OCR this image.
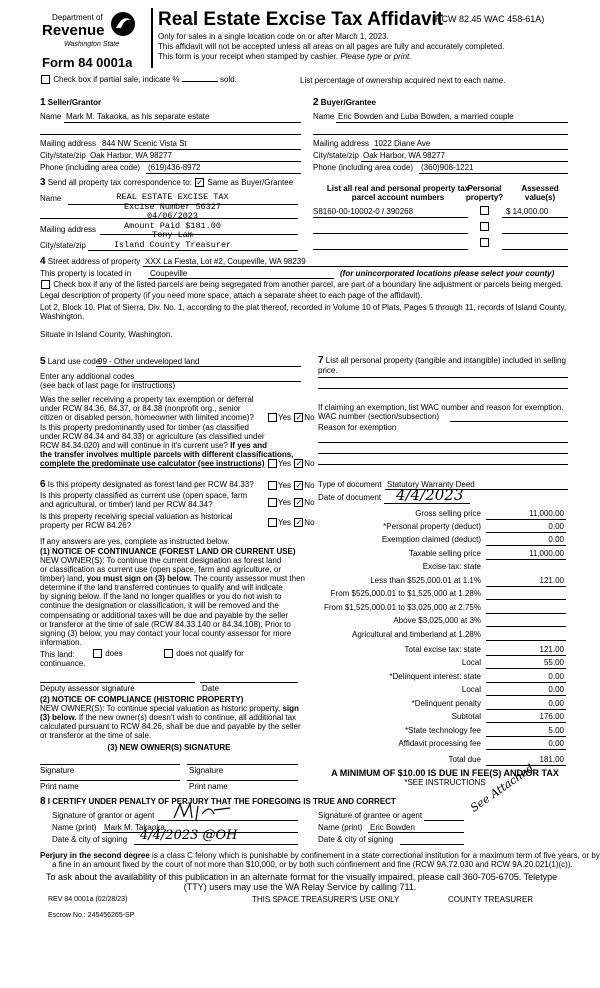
Department of
Revenue
Washington State
Form 84 0001a
Real Estate Excise Tax Affidavit
(RCW 82.45 WAC 458-61A)
Only for sales in a single location code on or after March 1, 2023.
This affidavit will not be accepted unless all areas on all pages are fully and accurately completed.
This form is your receipt when stamped by cashier. Please type or print.
Check box if partial sale, indicate %	sold.	List percentage of ownership acquired next to each name.
1 Seller/Grantor
Name Mark M. Takaoka, as his separate estate
Mailing address 844 NW Scenic Vista St
City/state/zip Oak Harbor, WA 98277
Phone (including area code) (619)436-8972
2 Buyer/Grantee
Name Eric Bowden and Luba Bowden, a married couple
Mailing address 1022 Diane Ave
City/state/zip Oak Harbor, WA 98277
Phone (including area code) (360)908-1221
3 Send all property tax correspondence to: ✓ Same as Buyer/Grantee
Name
Mailing address
City/state/zip
REAL ESTATE EXCISE TAX
Excise Number 56327
04/06/2023
Amount Paid $181.00
Tony Lam
Island County Treasurer
List all real and personal property tax
parcel account numbers
Personal
property?
Assessed
value(s)
S8160-00-10002-0 / 390268	$ 14,000.00
4 Street address of property XXX La Fiesta, Lot #2, Coupeville, WA 98239
This property is located in Coupeville	(for unincorporated locations please select your county)
Check box if any of the listed parcels are being segregated from another parcel, are part of a boundary line adjustment or parcels being merged.
Legal description of property (if you need more space, attach a separate sheet to each page of the affidavit).
Lot 2, Block 10, Plat of Sierra, Div. No. 1, according to the plat thereof, recorded in Volume 10 of Plats, Pages 5 through 11, records of Island County,
Washington.
Situate in Island County, Washington.
5 Land use code
99 - Other undeveloped land
Enter any additional codes
(see back of last page for instructions)
Was the seller receiving a property tax exemption or deferral
under RCW 84.36, 84.37, or 84.38 (nonprofit org., senior
citizen or disabled person, homeowner with limited income)?	Yes ✓ No
Is this property predominantly used for timber (as classified
under RCW 84.34 and 84.33) or agriculture (as classified under
RCW 84.34.020) and will continue in it's current use? If yes and
the transfer involves multiple parcels with different classifications,
complete the predominate use calculator (see instructions)	Yes ✓ No
7 List all personal property (tangible and intangible) included in selling
price.
If claiming an exemption, list WAC number and reason for exemption.
WAC number (section/subsection)
Reason for exemption
Type of document Statutory Warranty Deed
Date of document 4/4/2023
Gross selling price	11,000.00
*Personal property (deduct)	0.00
Exemption claimed (deduct)	0.00
Taxable selling price	11,000.00
Excise tax: state
Less than $525,000.01 at 1.1%	121.00
From $525,000.01 to $1,525,000 at 1.28%
From $1,525,000.01 to $3,025,000 at 2.75%
Above $3,025,000 at 3%
Agricultural and timberland at 1.28%
Total excise tax: state	121.00
Local	55.00
*Delinquent interest: state	0.00
Local	0.00
*Delinquent penalty	0.00
Subtotal	176.00
*State technology fee	5.00
Affidavit processing fee	0.00
Total due	181.00
A MINIMUM OF $10.00 IS DUE IN FEE(S) AND/OR TAX
*SEE INSTRUCTIONS
6 Is this property designated as forest land per RCW 84.33?	Yes ✓ No
Is this property classified as current use (open space, farm
and agricultural, or timber) land per RCW 84.34?	Yes ✓ No
Is this property receiving special valuation as historical
property per RCW 84.26?	Yes ✓ No
If any answers are yes, complete as instructed below.
(1) NOTICE OF CONTINUANCE (FOREST LAND OR CURRENT USE)
NEW OWNER(S): To continue the current designation as forest land
or classification as current use (open space, farm and agriculture, or
timber) land, you must sign on (3) below. The county assessor must then
determine if the land transferred continues to qualify and will indicate
by signing below. If the land no longer qualifies or you do not wish to
continue the designation or classification, it will be removed and the
compensating or additional taxes will be due and payable by the seller
or transferor at the time of sale (RCW 84.33.140 or 84.34.108). Prior to
signing (3) below, you may contact your local county assessor for more
information.
This land:	does	does not qualify for
continuance.
Deputy assessor signature	Date
(2) NOTICE OF COMPLIANCE (HISTORIC PROPERTY)
NEW OWNER(S): To continue special valuation as historic property, sign
(3) below. If the new owner(s) doesn't wish to continue, all additional tax
calculated pursuant to RCW 84.26, shall be due and payable by the seller
or transferor at the time of sale.
(3) NEW OWNER(S) SIGNATURE
Signature	Signature
Print name	Print name
8 I CERTIFY UNDER PENALTY OF PERJURY THAT THE FOREGOING IS TRUE AND CORRECT
Signature of grantor or agent
Name (print) Mark M. Takaoka
Date & city of signing 4/4/2023 @OH
Signature of grantee or agent
Name (print) Eric Bowden
Date & city of signing
See Attached
Perjury in the second degree is a class C felony which is punishable by confinement in a state correctional institution for a maximum term of five years, or by
a fine in an amount fixed by the court of not more than $10,000, or by both such confinement and fine (RCW 9A.72.030 and RCW 9A.20.021(1)(c)).
To ask about the availability of this publication in an alternate format for the visually impaired, please call 360-705-6705. Teletype
(TTY) users may use the WA Relay Service by calling 711.
REV 84 0001a (02/28/23)	THIS SPACE TREASURER'S USE ONLY	COUNTY TREASURER
Escrow No.: 245456265-SP
